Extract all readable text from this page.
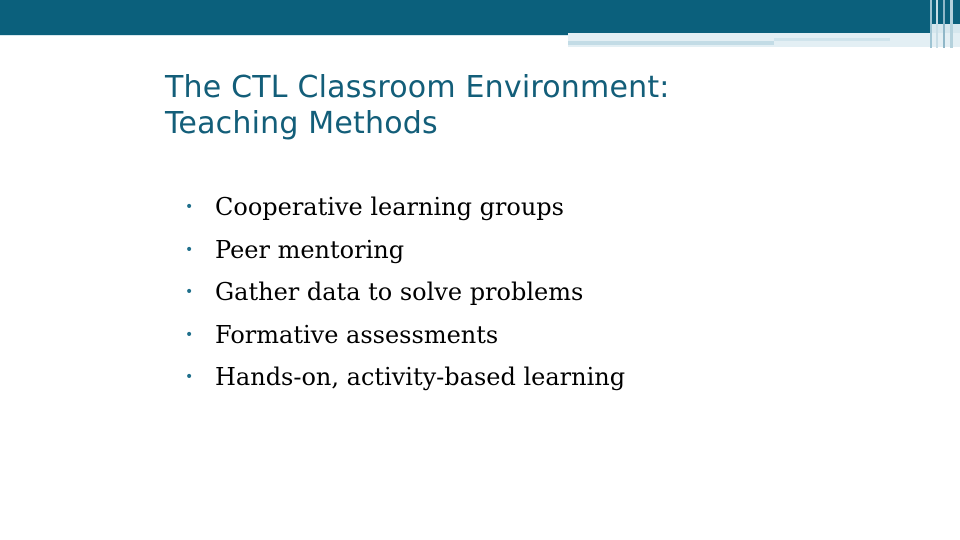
The CTL Classroom Environment:
Teaching Methods
• Cooperative learning groups
• Peer mentoring
• Gather data to solve problems
• Formative assessments
• Hands-on, activity-based learning
